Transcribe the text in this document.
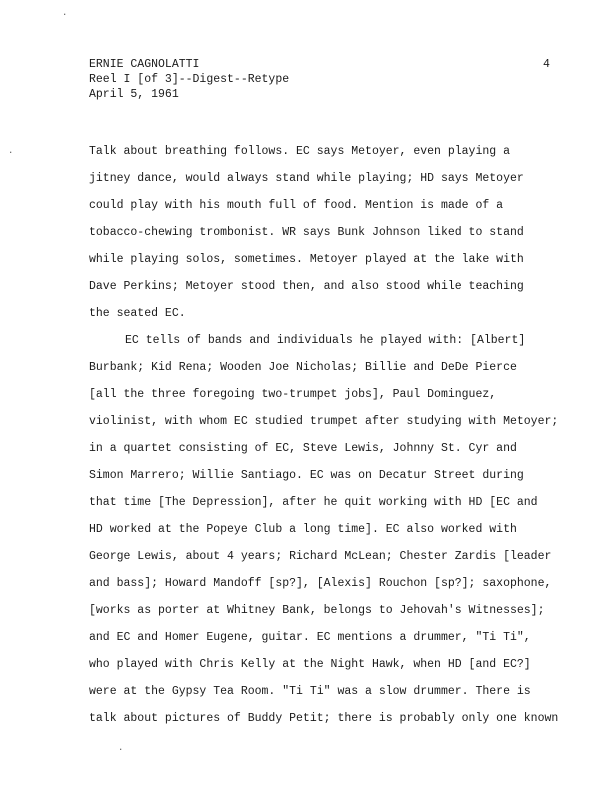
·
·
·
ERNIE CAGNOLATTI
Reel I [of 3]--Digest--Retype
April 5, 1961
4
Talk about breathing follows. EC says Metoyer, even playing a
jitney dance, would always stand while playing; HD says Metoyer
could play with his mouth full of food. Mention is made of a
tobacco-chewing trombonist. WR says Bunk Johnson liked to stand
while playing solos, sometimes. Metoyer played at the lake with
Dave Perkins; Metoyer stood then, and also stood while teaching
the seated EC.
EC tells of bands and individuals he played with: [Albert]
Burbank; Kid Rena; Wooden Joe Nicholas; Billie and DeDe Pierce
[all the three foregoing two-trumpet jobs], Paul Dominguez,
violinist, with whom EC studied trumpet after studying with Metoyer;
in a quartet consisting of EC, Steve Lewis, Johnny St. Cyr and
Simon Marrero; Willie Santiago. EC was on Decatur Street during
that time [The Depression], after he quit working with HD [EC and
HD worked at the Popeye Club a long time]. EC also worked with
George Lewis, about 4 years; Richard McLean; Chester Zardis [leader
and bass]; Howard Mandoff [sp?], [Alexis] Rouchon [sp?]; saxophone,
[works as porter at Whitney Bank, belongs to Jehovah's Witnesses];
and EC and Homer Eugene, guitar. EC mentions a drummer, "Ti Ti",
who played with Chris Kelly at the Night Hawk, when HD [and EC?]
were at the Gypsy Tea Room. "Ti Ti" was a slow drummer. There is
talk about pictures of Buddy Petit; there is probably only one known
